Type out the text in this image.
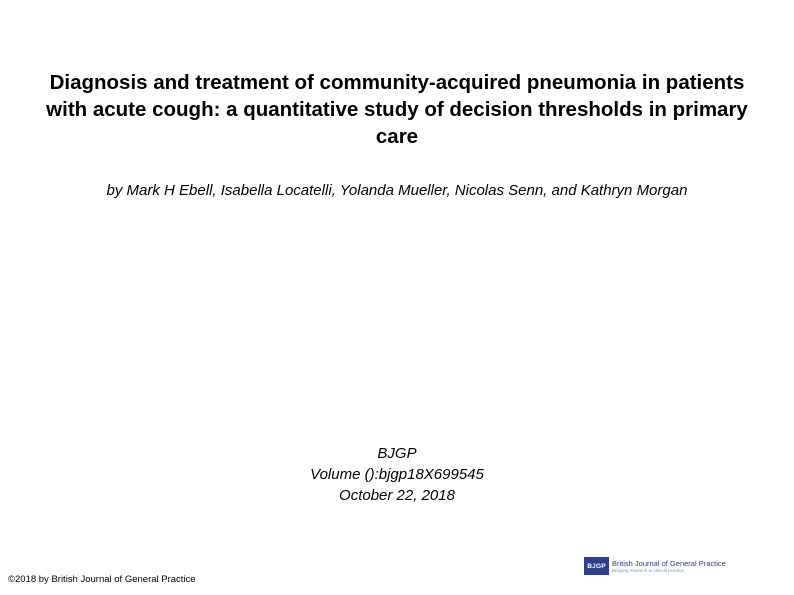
Diagnosis and treatment of community-acquired pneumonia in patients with acute cough: a quantitative study of decision thresholds in primary care
by Mark H Ebell, Isabella Locatelli, Yolanda Mueller, Nicolas Senn, and Kathryn Morgan
BJGP
Volume ():bjgp18X699545
October 22, 2018
©2018 by British Journal of General Practice
BJGP British Journal of General Practice
Bringing research to clinical practice
